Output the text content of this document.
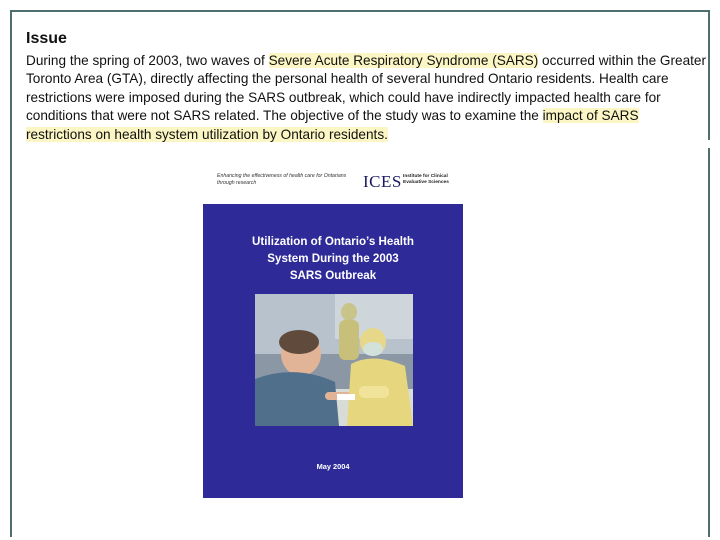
Issue
During the spring of 2003, two waves of Severe Acute Respiratory Syndrome (SARS) occurred within the Greater Toronto Area (GTA), directly affecting the personal health of several hundred Ontario residents. Health care restrictions were imposed during the SARS outbreak, which could have indirectly impacted health care for conditions that were not SARS related. The objective of the study was to examine the impact of SARS restrictions on health system utilization by Ontario residents.
Enhancing the effectiveness of health care for Ontarians through research	ICES Institute for Clinical Evaluative Sciences
Utilization of Ontario’s Health
System During the 2003
SARS Outbreak
May 2004
